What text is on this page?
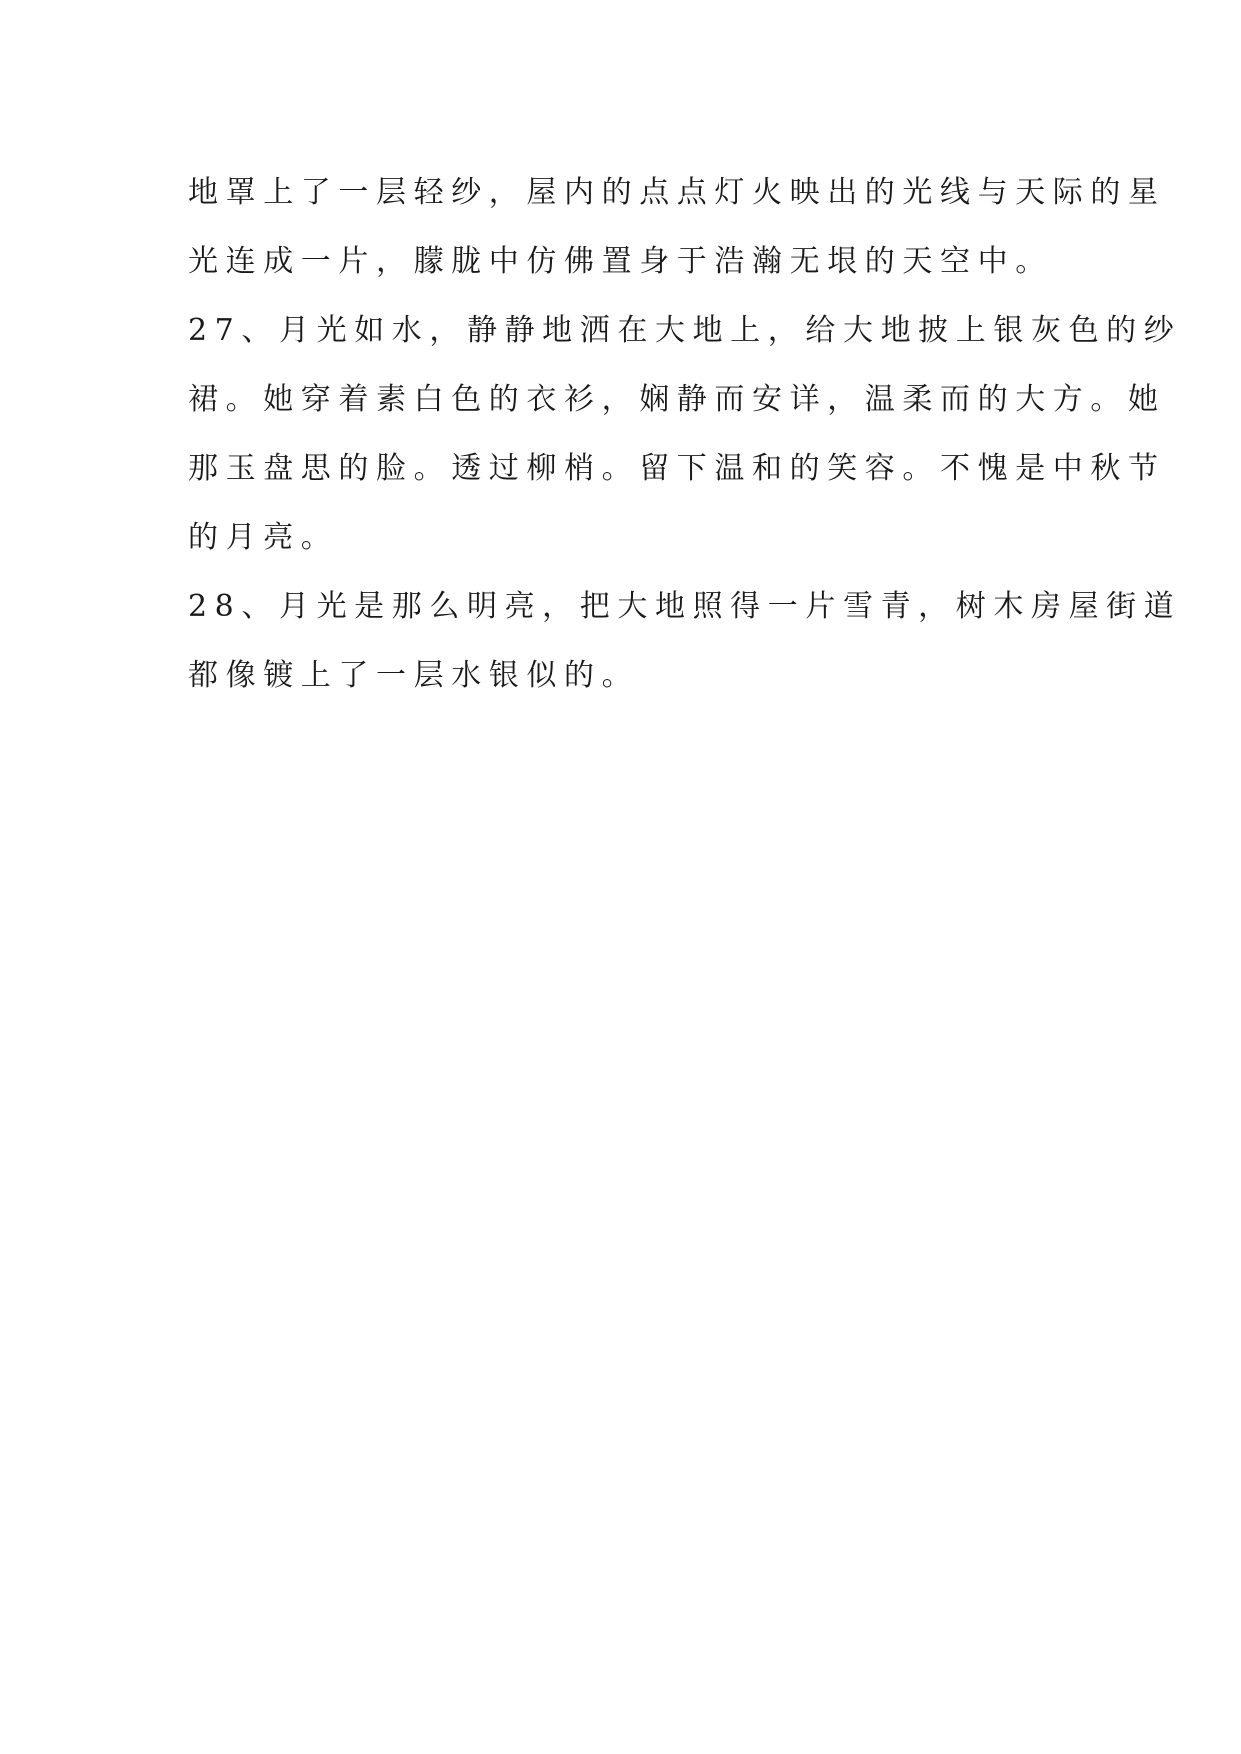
地罩上了一层轻纱，屋内的点点灯火映出的光线与天际的星
光连成一片，朦胧中仿佛置身于浩瀚无垠的天空中。
27、月光如水，静静地洒在大地上，给大地披上银灰色的纱
裙。她穿着素白色的衣衫，娴静而安详，温柔而的大方。她
那玉盘思的脸。透过柳梢。留下温和的笑容。不愧是中秋节
的月亮。
28、月光是那么明亮，把大地照得一片雪青，树木房屋街道
都像镀上了一层水银似的。
